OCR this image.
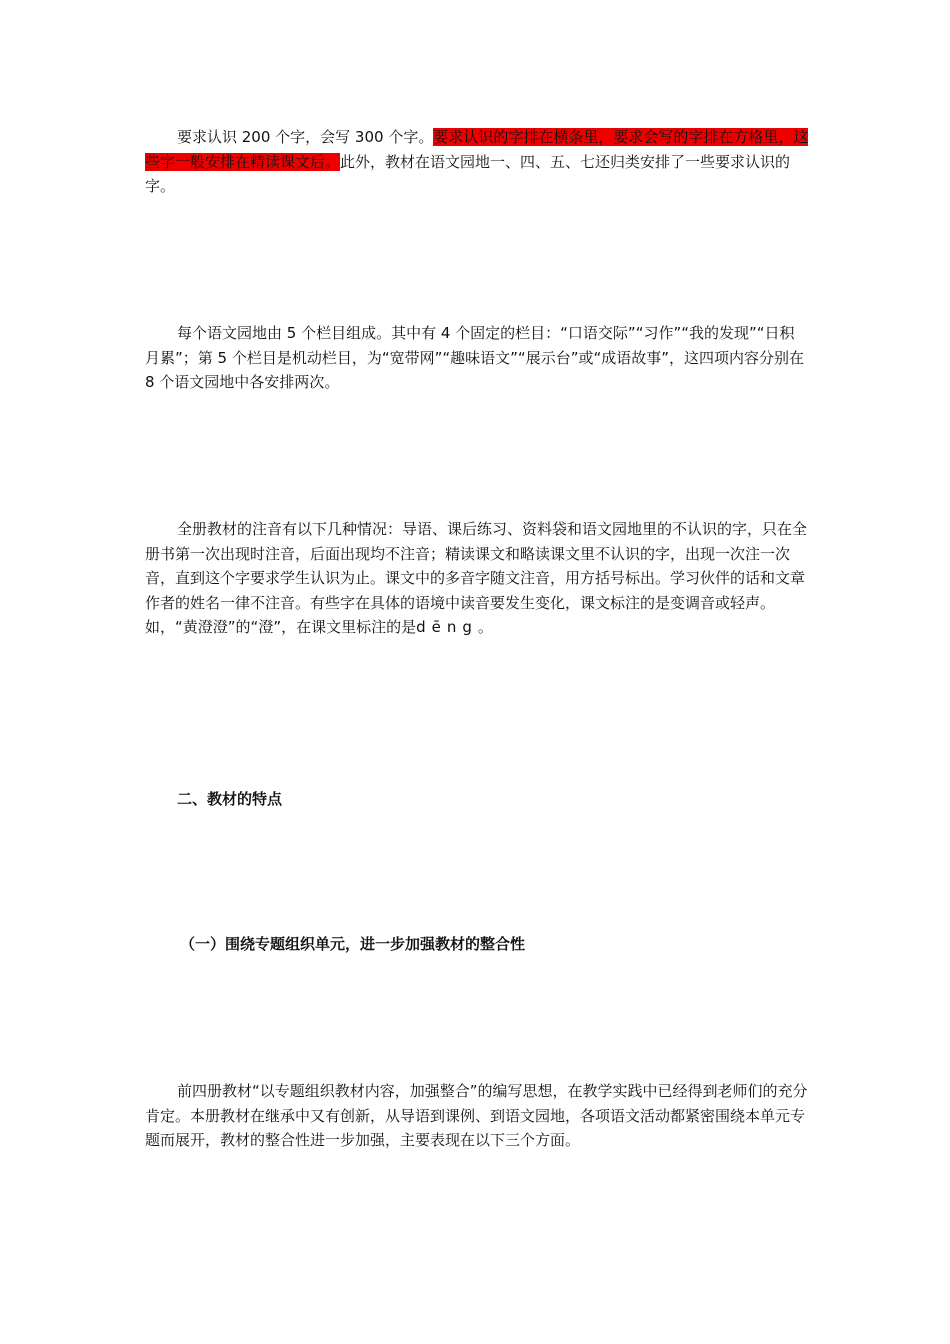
要求认识 200 个字，会写 300 个字。要求认识的字排在横条里，要求会写的字排在方格里，这些字一般安排在精读课文后。此外，教材在语文园地一、四、五、七还归类安排了一些要求认识的字。

每个语文园地由 5 个栏目组成。其中有 4 个固定的栏目：“口语交际”“习作”“我的发现”“日积月累”；第 5 个栏目是机动栏目，为“宽带网”“趣味语文”“展示台”或“成语故事”，这四项内容分别在 8 个语文园地中各安排两次。

全册教材的注音有以下几种情况：导语、课后练习、资料袋和语文园地里的不认识的字，只在全册书第一次出现时注音，后面出现均不注音；精读课文和略读课文里不认识的字，出现一次注一次音，直到这个字要求学生认识为止。课文中的多音字随文注音，用方括号标出。学习伙伴的话和文章作者的姓名一律不注音。有些字在具体的语境中读音要发生变化，课文标注的是变调音或轻声。如，“黄澄澄”的“澄”，在课文里标注的是dēng。

二、教材的特点
（一）围绕专题组织单元，进一步加强教材的整合性

前四册教材“以专题组织教材内容，加强整合”的编写思想，在教学实践中已经得到老师们的充分肯定。本册教材在继承中又有创新，从导语到课例、到语文园地，各项语文活动都紧密围绕本单元专题而展开，教材的整合性进一步加强，主要表现在以下三个方面。
